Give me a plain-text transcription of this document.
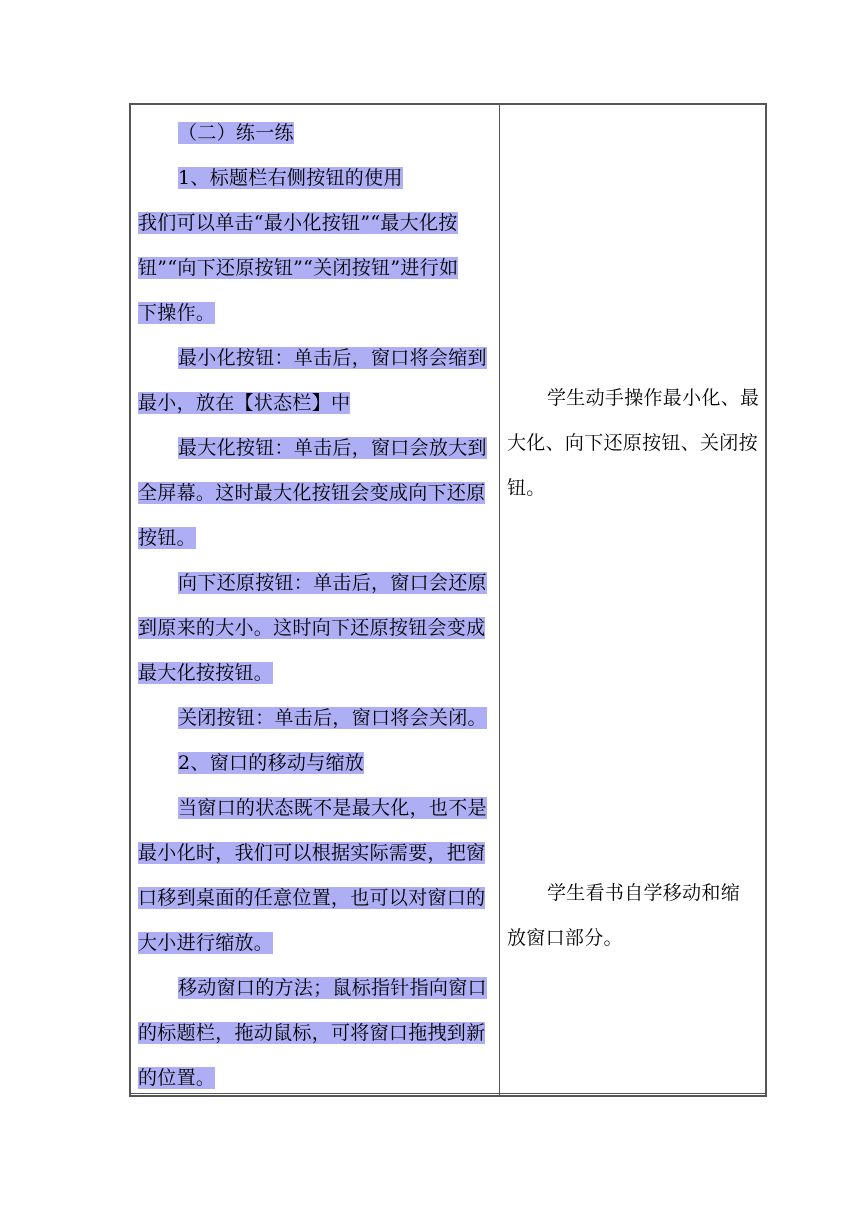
（二）练一练
1、标题栏右侧按钮的使用
我们可以单击“最小化按钮”“最大化按
钮”“向下还原按钮”“关闭按钮”进行如
下操作。
最小化按钮：单击后，窗口将会缩到
最小，放在【状态栏】中
最大化按钮：单击后，窗口会放大到
全屏幕。这时最大化按钮会变成向下还原
按钮。
向下还原按钮：单击后，窗口会还原
到原来的大小。这时向下还原按钮会变成
最大化按按钮。
关闭按钮：单击后，窗口将会关闭。
2、窗口的移动与缩放
当窗口的状态既不是最大化，也不是
最小化时，我们可以根据实际需要，把窗
口移到桌面的任意位置，也可以对窗口的
大小进行缩放。
移动窗口的方法；鼠标指针指向窗口
的标题栏，拖动鼠标，可将窗口拖拽到新
的位置。
学生动手操作最小化、最
大化、向下还原按钮、关闭按
钮。
学生看书自学移动和缩
放窗口部分。
